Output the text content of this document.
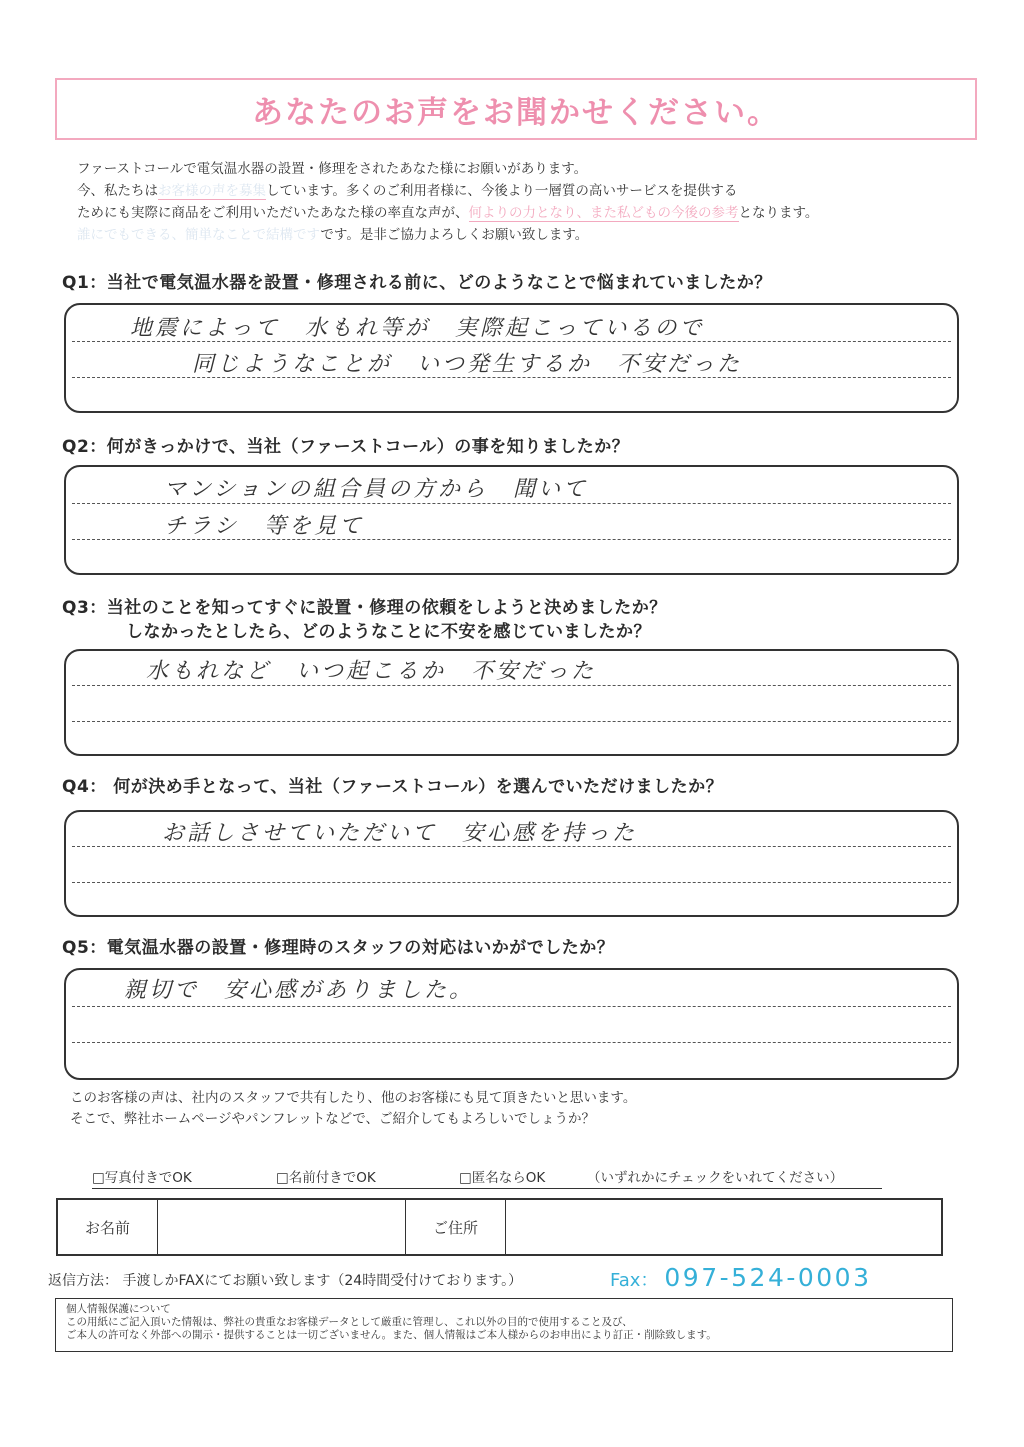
あなたのお声をお聞かせください。
ファーストコールで電気温水器の設置・修理をされたあなた様にお願いがあります。
今、私たちはお客様の声を募集しています。多くのご利用者様に、今後より一層質の高いサービスを提供する
ためにも実際に商品をご利用いただいたあなた様の率直な声が、何よりの力となり、また私どもの今後の参考となります。
誰にでもできる、簡単なことで結構ですです。是非ご協力よろしくお願い致します。
Q1：当社で電気温水器を設置・修理される前に、どのようなことで悩まれていましたか？
地震によって　水もれ等が　実際起こっているので
同じようなことが　いつ発生するか　不安だった
Q2：何がきっかけで、当社（ファーストコール）の事を知りましたか？
マンションの組合員の方から　聞いて
チラシ　等を見て
Q3：当社のことを知ってすぐに設置・修理の依頼をしようと決めましたか？
しなかったとしたら、どのようなことに不安を感じていましたか？
水もれなど　いつ起こるか　不安だった
Q4： 何が決め手となって、当社（ファーストコール）を選んでいただけましたか？
お話しさせていただいて　安心感を持った
Q5：電気温水器の設置・修理時のスタッフの対応はいかがでしたか？
親切で　安心感がありました。
このお客様の声は、社内のスタッフで共有したり、他のお客様にも見て頂きたいと思います。
そこで、弊社ホームページやパンフレットなどで、ご紹介してもよろしいでしょうか？
□写真付きでOK	□名前付きでOK	□匿名ならOK	（いずれかにチェックをいれてください）
お名前	ご住所
返信方法： 手渡しかFAXにてお願い致します（24時間受付けております。）	Fax： 097-524-0003
個人情報保護について
この用紙にご記入頂いた情報は、弊社の貴重なお客様データとして厳重に管理し、これ以外の目的で使用すること及び、
ご本人の許可なく外部への開示・提供することは一切ございません。また、個人情報はご本人様からのお申出により訂正・削除致します。
